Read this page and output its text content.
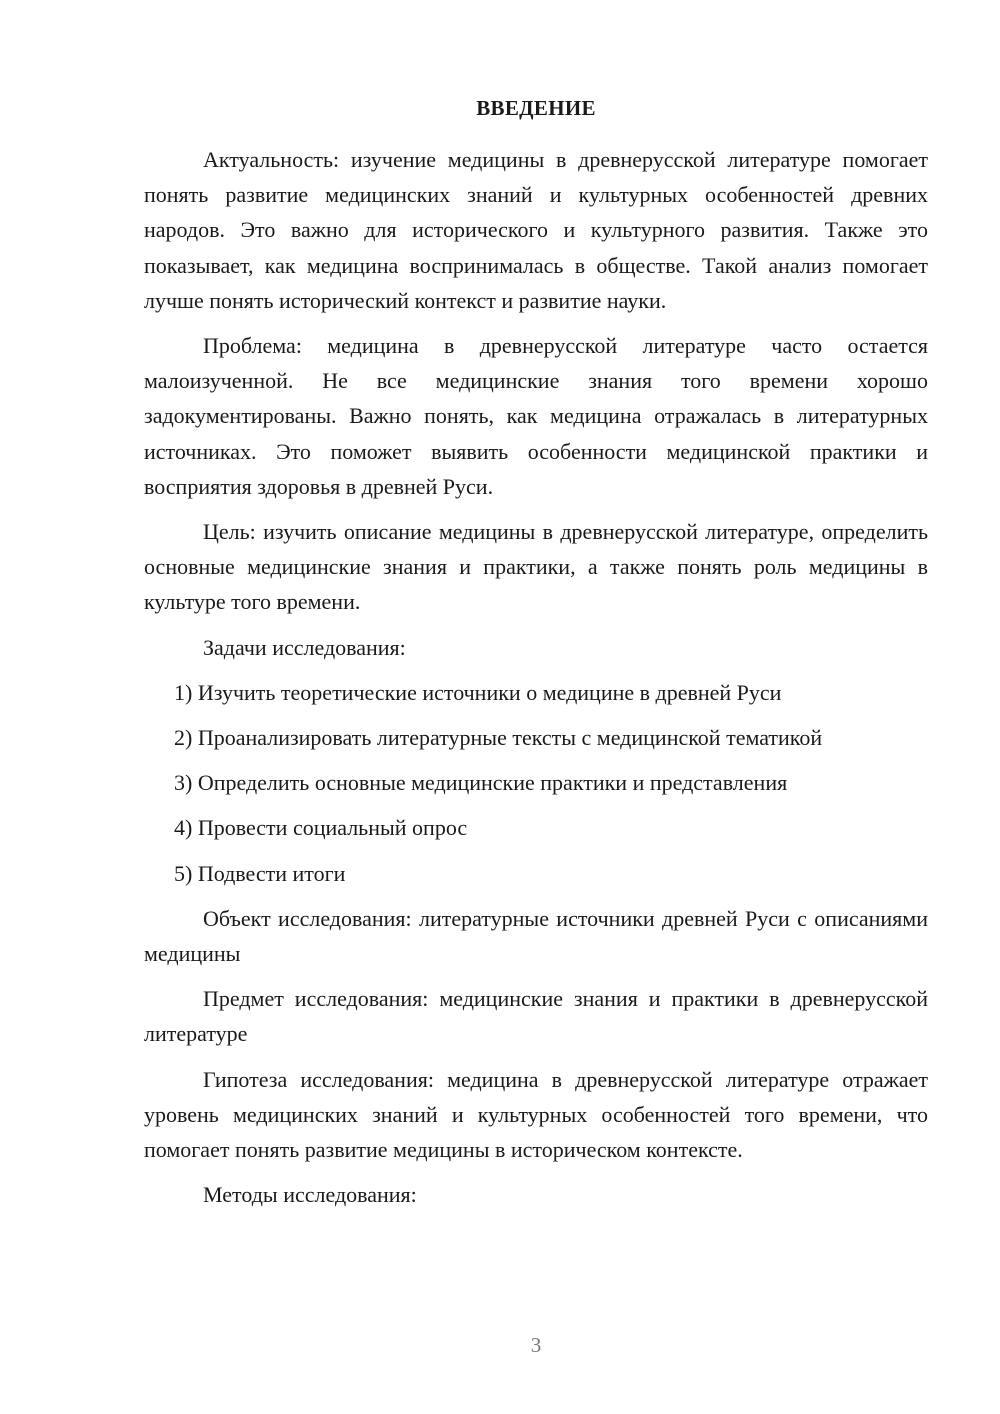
ВВЕДЕНИЕ

Актуальность: изучение медицины в древнерусской литературе помогает понять развитие медицинских знаний и культурных особенностей древних народов. Это важно для исторического и культурного развития. Также это показывает, как медицина воспринималась в обществе. Такой анализ помогает лучше понять исторический контекст и развитие науки.

Проблема: медицина в древнерусской литературе часто остается малоизученной. Не все медицинские знания того времени хорошо задокументированы. Важно понять, как медицина отражалась в литературных источниках. Это поможет выявить особенности медицинской практики и восприятия здоровья в древней Руси.

Цель: изучить описание медицины в древнерусской литературе, определить основные медицинские знания и практики, а также понять роль медицины в культуре того времени.

Задачи исследования:

1) Изучить теоретические источники о медицине в древней Руси
2) Проанализировать литературные тексты с медицинской тематикой
3) Определить основные медицинские практики и представления
4) Провести социальный опрос
5) Подвести итоги

Объект исследования: литературные источники древней Руси с описаниями медицины

Предмет исследования: медицинские знания и практики в древнерусской литературе

Гипотеза исследования: медицина в древнерусской литературе отражает уровень медицинских знаний и культурных особенностей того времени, что помогает понять развитие медицины в историческом контексте.

Методы исследования:

3
